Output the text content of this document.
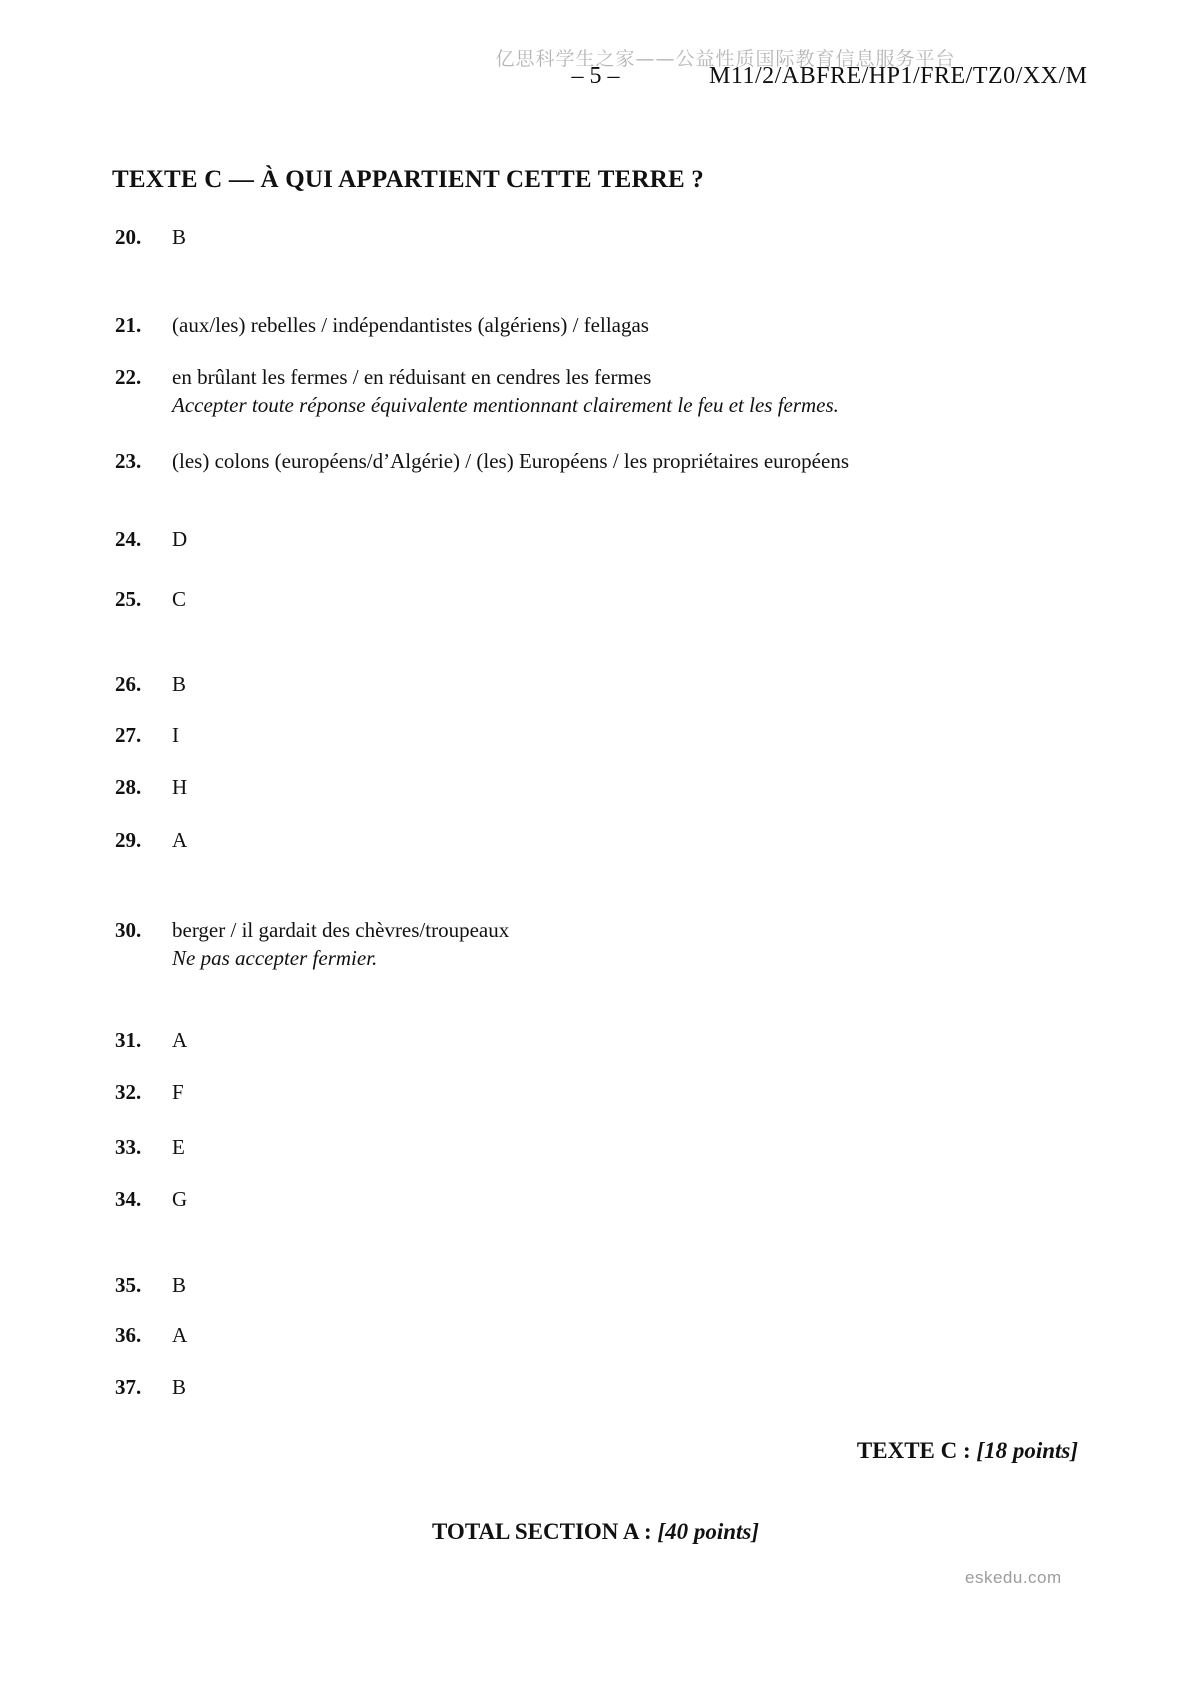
亿思科学生之家——公益性质国际教育信息服务平台
– 5 –	M11/2/ABFRE/HP1/FRE/TZ0/XX/M
TEXTE C — À QUI APPARTIENT CETTE TERRE ?
20. B
21. (aux/les) rebelles / indépendantistes (algériens) / fellagas
22. en brûlant les fermes / en réduisant en cendres les fermes
Accepter toute réponse équivalente mentionnant clairement le feu et les fermes.
23. (les) colons (européens/d’Algérie) / (les) Européens / les propriétaires européens
24. D
25. C
26. B
27. I
28. H
29. A
30. berger / il gardait des chèvres/troupeaux
Ne pas accepter fermier.
31. A
32. F
33. E
34. G
35. B
36. A
37. B
TEXTE C : [18 points]
TOTAL SECTION A : [40 points]
eskedu.com
